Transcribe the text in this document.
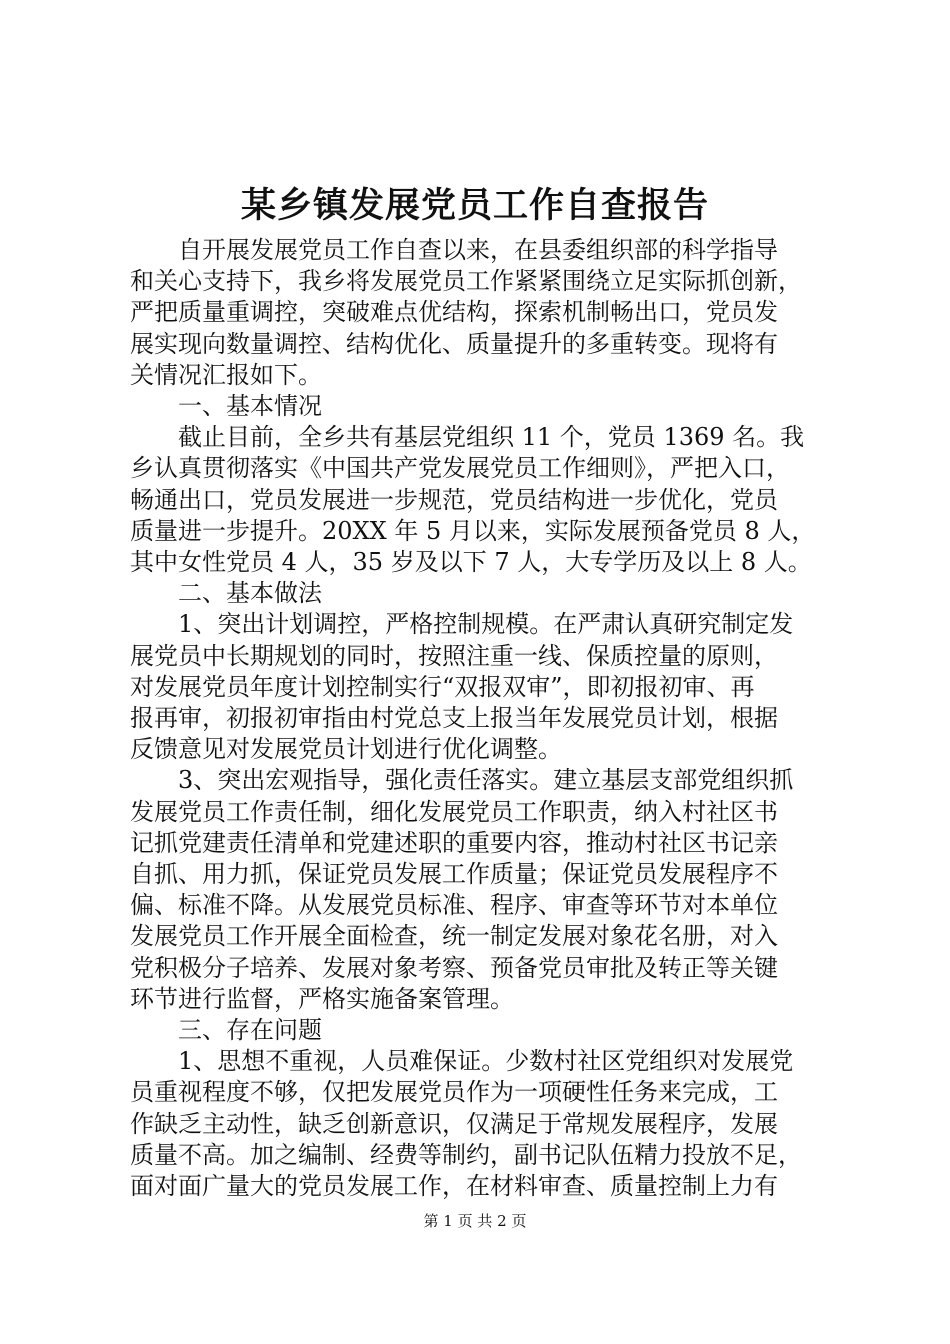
某乡镇发展党员工作自查报告
　　自开展发展党员工作自查以来，在县委组织部的科学指导
和关心支持下，我乡将发展党员工作紧紧围绕立足实际抓创新，
严把质量重调控，突破难点优结构，探索机制畅出口，党员发
展实现向数量调控、结构优化、质量提升的多重转变。现将有
关情况汇报如下。
　　一、基本情况
　　截止目前，全乡共有基层党组织 11 个，党员 1369 名。我
乡认真贯彻落实《中国共产党发展党员工作细则》，严把入口，
畅通出口，党员发展进一步规范，党员结构进一步优化，党员
质量进一步提升。20XX 年 5 月以来，实际发展预备党员 8 人，
其中女性党员 4 人，35 岁及以下 7 人，大专学历及以上 8 人。
　　二、基本做法
　　1、突出计划调控，严格控制规模。在严肃认真研究制定发
展党员中长期规划的同时，按照注重一线、保质控量的原则，
对发展党员年度计划控制实行“双报双审”，即初报初审、再
报再审，初报初审指由村党总支上报当年发展党员计划，根据
反馈意见对发展党员计划进行优化调整。
　　3、突出宏观指导，强化责任落实。建立基层支部党组织抓
发展党员工作责任制，细化发展党员工作职责，纳入村社区书
记抓党建责任清单和党建述职的重要内容，推动村社区书记亲
自抓、用力抓，保证党员发展工作质量；保证党员发展程序不
偏、标准不降。从发展党员标准、程序、审查等环节对本单位
发展党员工作开展全面检查，统一制定发展对象花名册，对入
党积极分子培养、发展对象考察、预备党员审批及转正等关键
环节进行监督，严格实施备案管理。
　　三、存在问题
　　1、思想不重视，人员难保证。少数村社区党组织对发展党
员重视程度不够，仅把发展党员作为一项硬性任务来完成，工
作缺乏主动性，缺乏创新意识，仅满足于常规发展程序，发展
质量不高。加之编制、经费等制约，副书记队伍精力投放不足，
面对面广量大的党员发展工作，在材料审查、质量控制上力有
第 1 页 共 2 页
